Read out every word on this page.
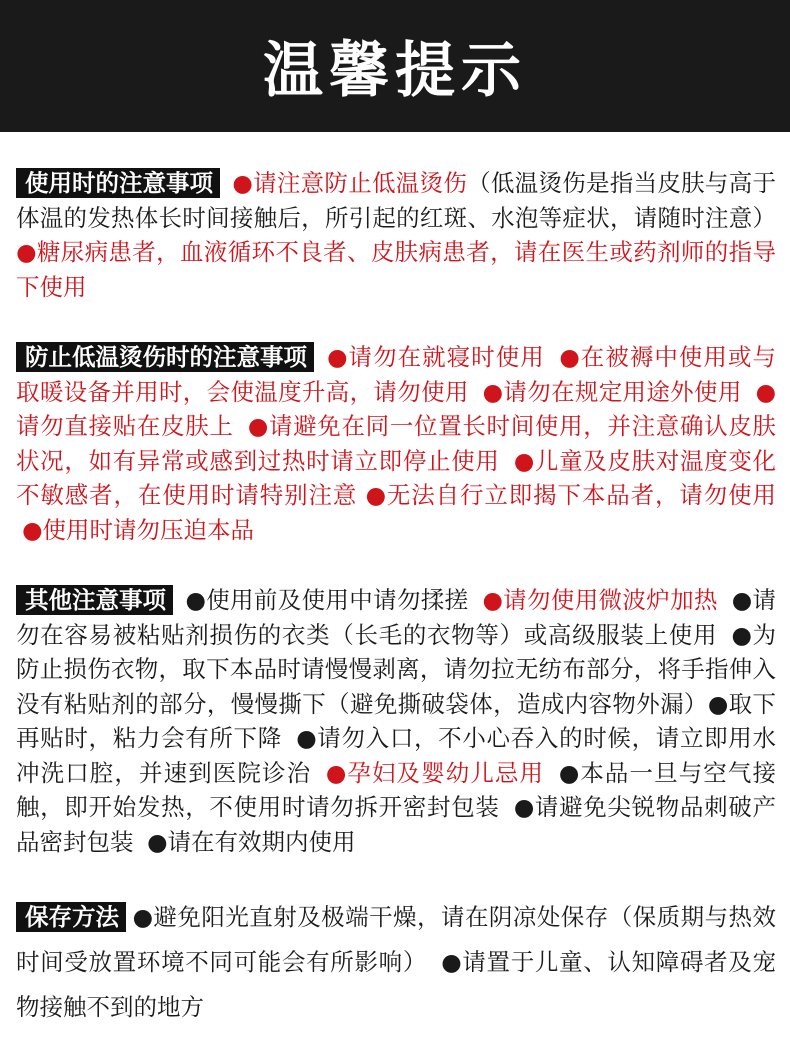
温馨提示
使用时的注意事项 ●请注意防止低温烫伤（低温烫伤是指当皮肤与高于体温的发热体长时间接触后，所引起的红斑、水泡等症状，请随时注意）●糖尿病患者，血液循环不良者、皮肤病患者，请在医生或药剂师的指导下使用
防止低温烫伤时的注意事项 ●请勿在就寝时使用 ●在被褥中使用或与取暖设备并用时，会使温度升高，请勿使用 ●请勿在规定用途外使用 ●请勿直接贴在皮肤上 ●请避免在同一位置长时间使用，并注意确认皮肤状况，如有异常或感到过热时请立即停止使用 ●儿童及皮肤对温度变化不敏感者，在使用时请特别注意 ●无法自行立即揭下本品者，请勿使用 ●使用时请勿压迫本品
其他注意事项 ●使用前及使用中请勿揉搓 ●请勿使用微波炉加热 ●请勿在容易被粘贴剂损伤的衣类（长毛的衣物等）或高级服装上使用 ●为防止损伤衣物，取下本品时请慢慢剥离，请勿拉无纺布部分，将手指伸入没有粘贴剂的部分，慢慢撕下（避免撕破袋体，造成内容物外漏）●取下再贴时，粘力会有所下降 ●请勿入口，不小心吞入的时候，请立即用水冲洗口腔，并速到医院诊治 ●孕妇及婴幼儿忌用 ●本品一旦与空气接触，即开始发热，不使用时请勿拆开密封包装 ●请避免尖锐物品刺破产品密封包装 ●请在有效期内使用
保存方法 ●避免阳光直射及极端干燥，请在阴凉处保存（保质期与热效时间受放置环境不同可能会有所影响） ●请置于儿童、认知障碍者及宠物接触不到的地方
